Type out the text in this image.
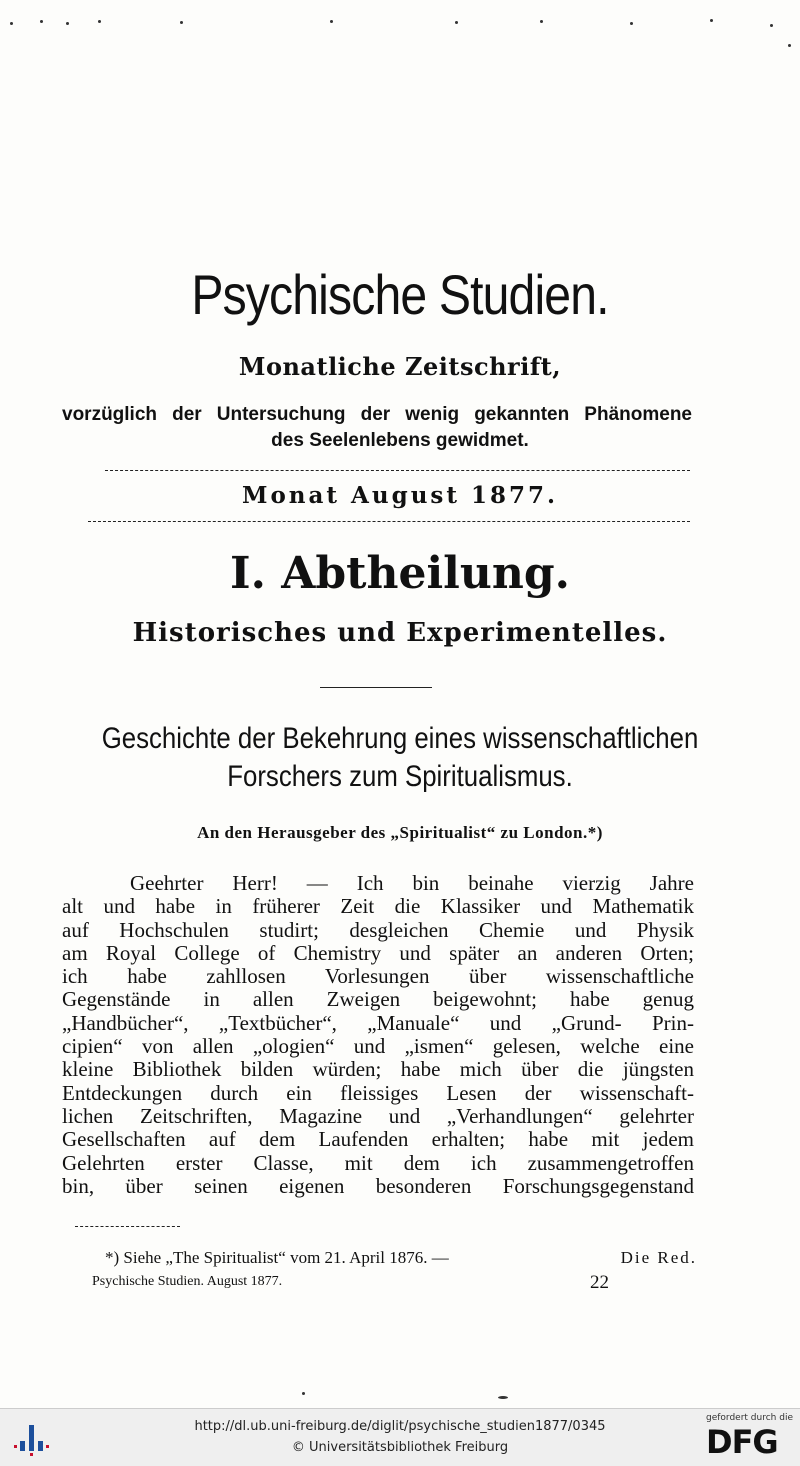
Psychische Studien.
Monatliche Zeitschrift,
vorzüglich der Untersuchung der wenig gekannten Phänomene
des Seelenlebens gewidmet.
Monat August 1877.
I. Abtheilung.
Historisches und Experimentelles.
Geschichte der Bekehrung eines wissenschaftlichen
Forschers zum Spiritualismus.
An den Herausgeber des „Spiritualist“ zu London.*)
Geehrter Herr! — Ich bin beinahe vierzig Jahre
alt und habe in früherer Zeit die Klassiker und Mathematik
auf Hochschulen studirt; desgleichen Chemie und Physik
am Royal College of Chemistry und später an anderen Orten;
ich habe zahllosen Vorlesungen über wissenschaftliche
Gegenstände in allen Zweigen beigewohnt; habe genug
„Handbücher“, „Textbücher“, „Manuale“ und „Grund- Prin-
cipien“ von allen „ologien“ und „ismen“ gelesen, welche eine
kleine Bibliothek bilden würden; habe mich über die jüngsten
Entdeckungen durch ein fleissiges Lesen der wissenschaft-
lichen Zeitschriften, Magazine und „Verhandlungen“ gelehrter
Gesellschaften auf dem Laufenden erhalten; habe mit jedem
Gelehrten erster Classe, mit dem ich zusammengetroffen
bin, über seinen eigenen besonderen Forschungsgegenstand
*) Siehe „The Spiritualist“ vom 21. April 1876. —	Die Red.
Psychische Studien. August 1877.	22
http://dl.ub.uni-freiburg.de/diglit/psychische_studien1877/0345
© Universitätsbibliothek Freiburg
gefordert durch die
DFG
